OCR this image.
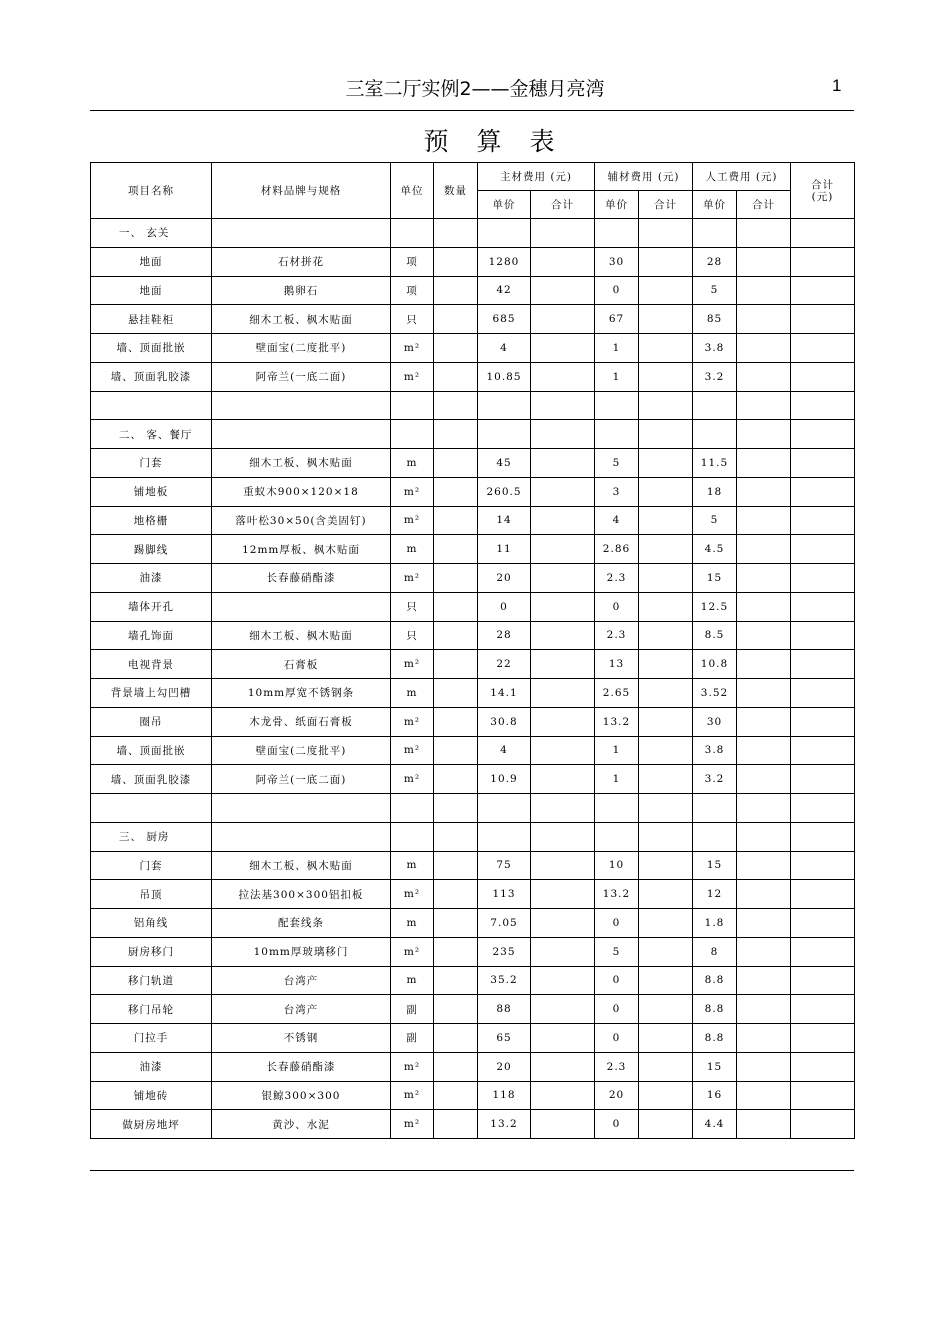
三室二厅实例2——金穗月亮湾	1
预算表
项目名称	材料品牌与规格	单位	数量	主材费用 (元)		辅材费用 (元)		人工费用 (元)		合计
(元)

				单价	合计	单价	合计	单价	合计	
一、 玄关										
地面	石材拼花	项		1280		30		28		
地面	鹅卵石	项		42		0		5		
悬挂鞋柜	细木工板、枫木贴面	只		685		67		85		
墙、顶面批嵌	壁面宝(二度批平)	m²		4		1		3.8		
墙、顶面乳胶漆	阿帝兰(一底二面)	m²		10.85		1		3.2		

二、 客、餐厅										
门套	细木工板、枫木贴面	m		45		5		11.5		
铺地板	重蚁木900×120×18	m²		260.5		3		18		
地格栅	落叶松30×50(含美固钉)	m²		14		4		5		
踢脚线	12mm厚板、枫木贴面	m		11		2.86		4.5		
油漆	长春藤硝酯漆	m²		20		2.3		15		
墙体开孔		只		0		0		12.5		
墙孔饰面	细木工板、枫木贴面	只		28		2.3		8.5		
电视背景	石膏板	m²		22		13		10.8		
背景墙上勾凹槽	10mm厚宽不锈钢条	m		14.1		2.65		3.52		
圈吊	木龙骨、纸面石膏板	m²		30.8		13.2		30		
墙、顶面批嵌	壁面宝(二度批平)	m²		4		1		3.8		
墙、顶面乳胶漆	阿帝兰(一底二面)	m²		10.9		1		3.2		

三、 厨房										
门套	细木工板、枫木贴面	m		75		10		15		
吊顶	拉法基300×300铝扣板	m²		113		13.2		12		
铝角线	配套线条	m		7.05		0		1.8		
厨房移门	10mm厚玻璃移门	m²		235		5		8		
移门轨道	台湾产	m		35.2		0		8.8		
移门吊轮	台湾产	副		88		0		8.8		
门拉手	不锈钢	副		65		0		8.8		
油漆	长春藤硝酯漆	m²		20		2.3		15		
铺地砖	银鲸300×300	m²		118		20		16		
做厨房地坪	黄沙、水泥	m²		13.2		0		4.4		
